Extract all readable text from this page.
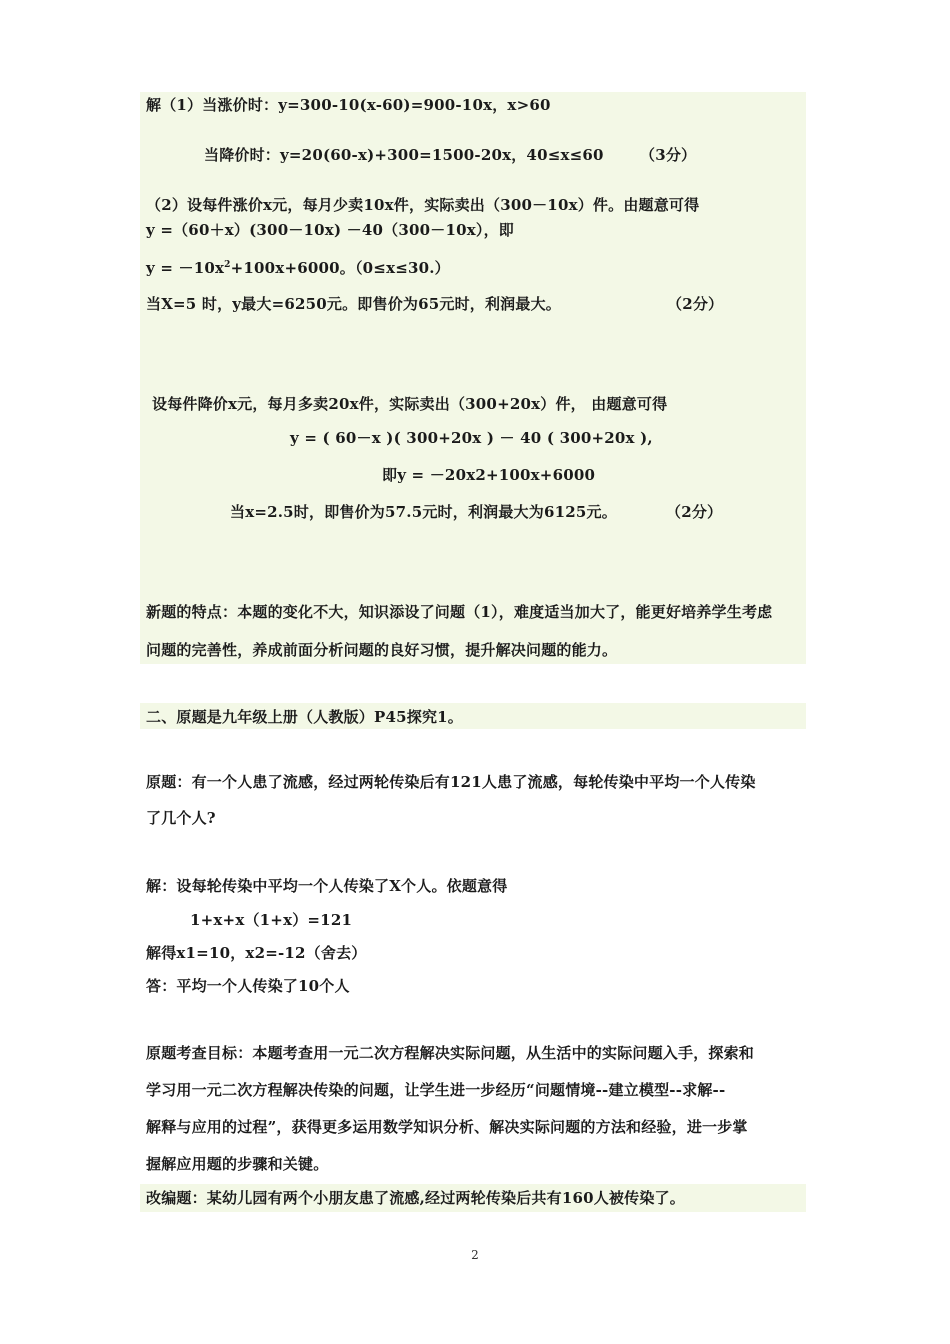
解（1）当涨价时：y=300-10(x-60)=900-10x，x>60
当降价时：y=20(60-x)+300=1500-20x，40≤x≤60 （3分）
（2）设每件涨价x元，每月少卖10x件，实际卖出（300－10x）件。由题意可得
y =（60＋x）(300－10x) －40（300－10x），即
$y = -10x^2+100x+6000$。（0≤x≤30.）
当X=5 时，y最大=6250元。即售价为65元时，利润最大。	（2分）
设每件降价x元，每月多卖20x件，实际卖出（300+20x）件， 由题意可得
y = ( 60－x )( 300+20x ) － 40 ( 300+20x ),
即y = －20x2+100x+6000
当x=2.5时，即售价为57.5元时，利润最大为6125元。	（2分）
新题的特点：本题的变化不大，知识添设了问题（1），难度适当加大了，能更好培养学生考虑
问题的完善性，养成前面分析问题的良好习惯，提升解决问题的能力。
二、原题是九年级上册（人教版）P45探究1。
原题：有一个人患了流感，经过两轮传染后有121人患了流感，每轮传染中平均一个人传染
了几个人?
解：设每轮传染中平均一个人传染了X个人。依题意得
1+x+x（1+x）=121
解得x1=10，x2=-12（舍去）
答：平均一个人传染了10个人
原题考查目标：本题考查用一元二次方程解决实际问题，从生活中的实际问题入手，探索和
学习用一元二次方程解决传染的问题，让学生进一步经历“问题情境--建立模型--求解--
解释与应用的过程”，获得更多运用数学知识分析、解决实际问题的方法和经验，进一步掌
握解应用题的步骤和关键。
改编题：某幼儿园有两个小朋友患了流感,经过两轮传染后共有160人被传染了。
2
